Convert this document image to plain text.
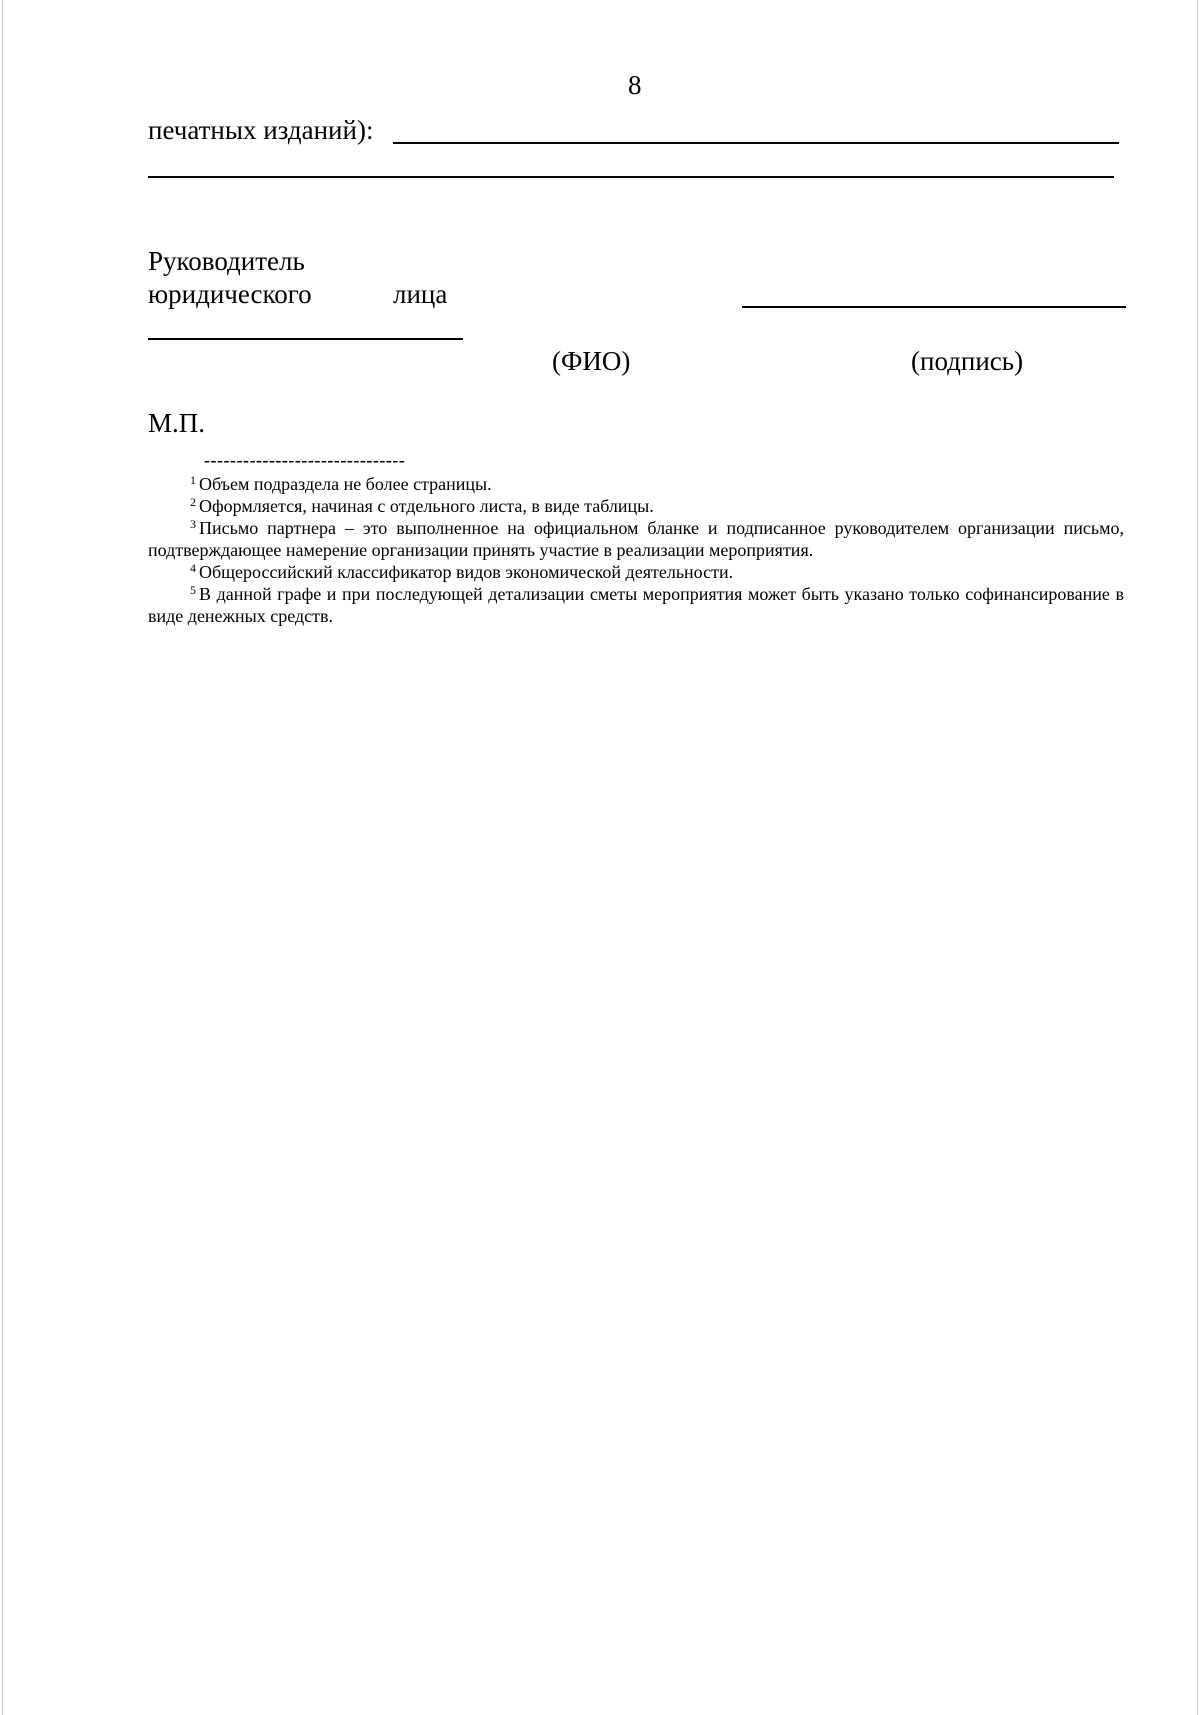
8
печатных изданий):
Руководитель
юридического	лица
(ФИО)	(подпись)
М.П.
-------------------------------

$^1$ Объем подраздела не более страницы.

$^2$ Оформляется, начиная с отдельного листа, в виде таблицы.

$^3$ Письмо партнера – это выполненное на официальном бланке и подписанное руководителем организации письмо, подтверждающее намерение организации принять участие в реализации мероприятия.

$^4$ Общероссийский классификатор видов экономической деятельности.

$^5$ В данной графе и при последующей детализации сметы мероприятия может быть указано только софинансирование в виде денежных средств.
